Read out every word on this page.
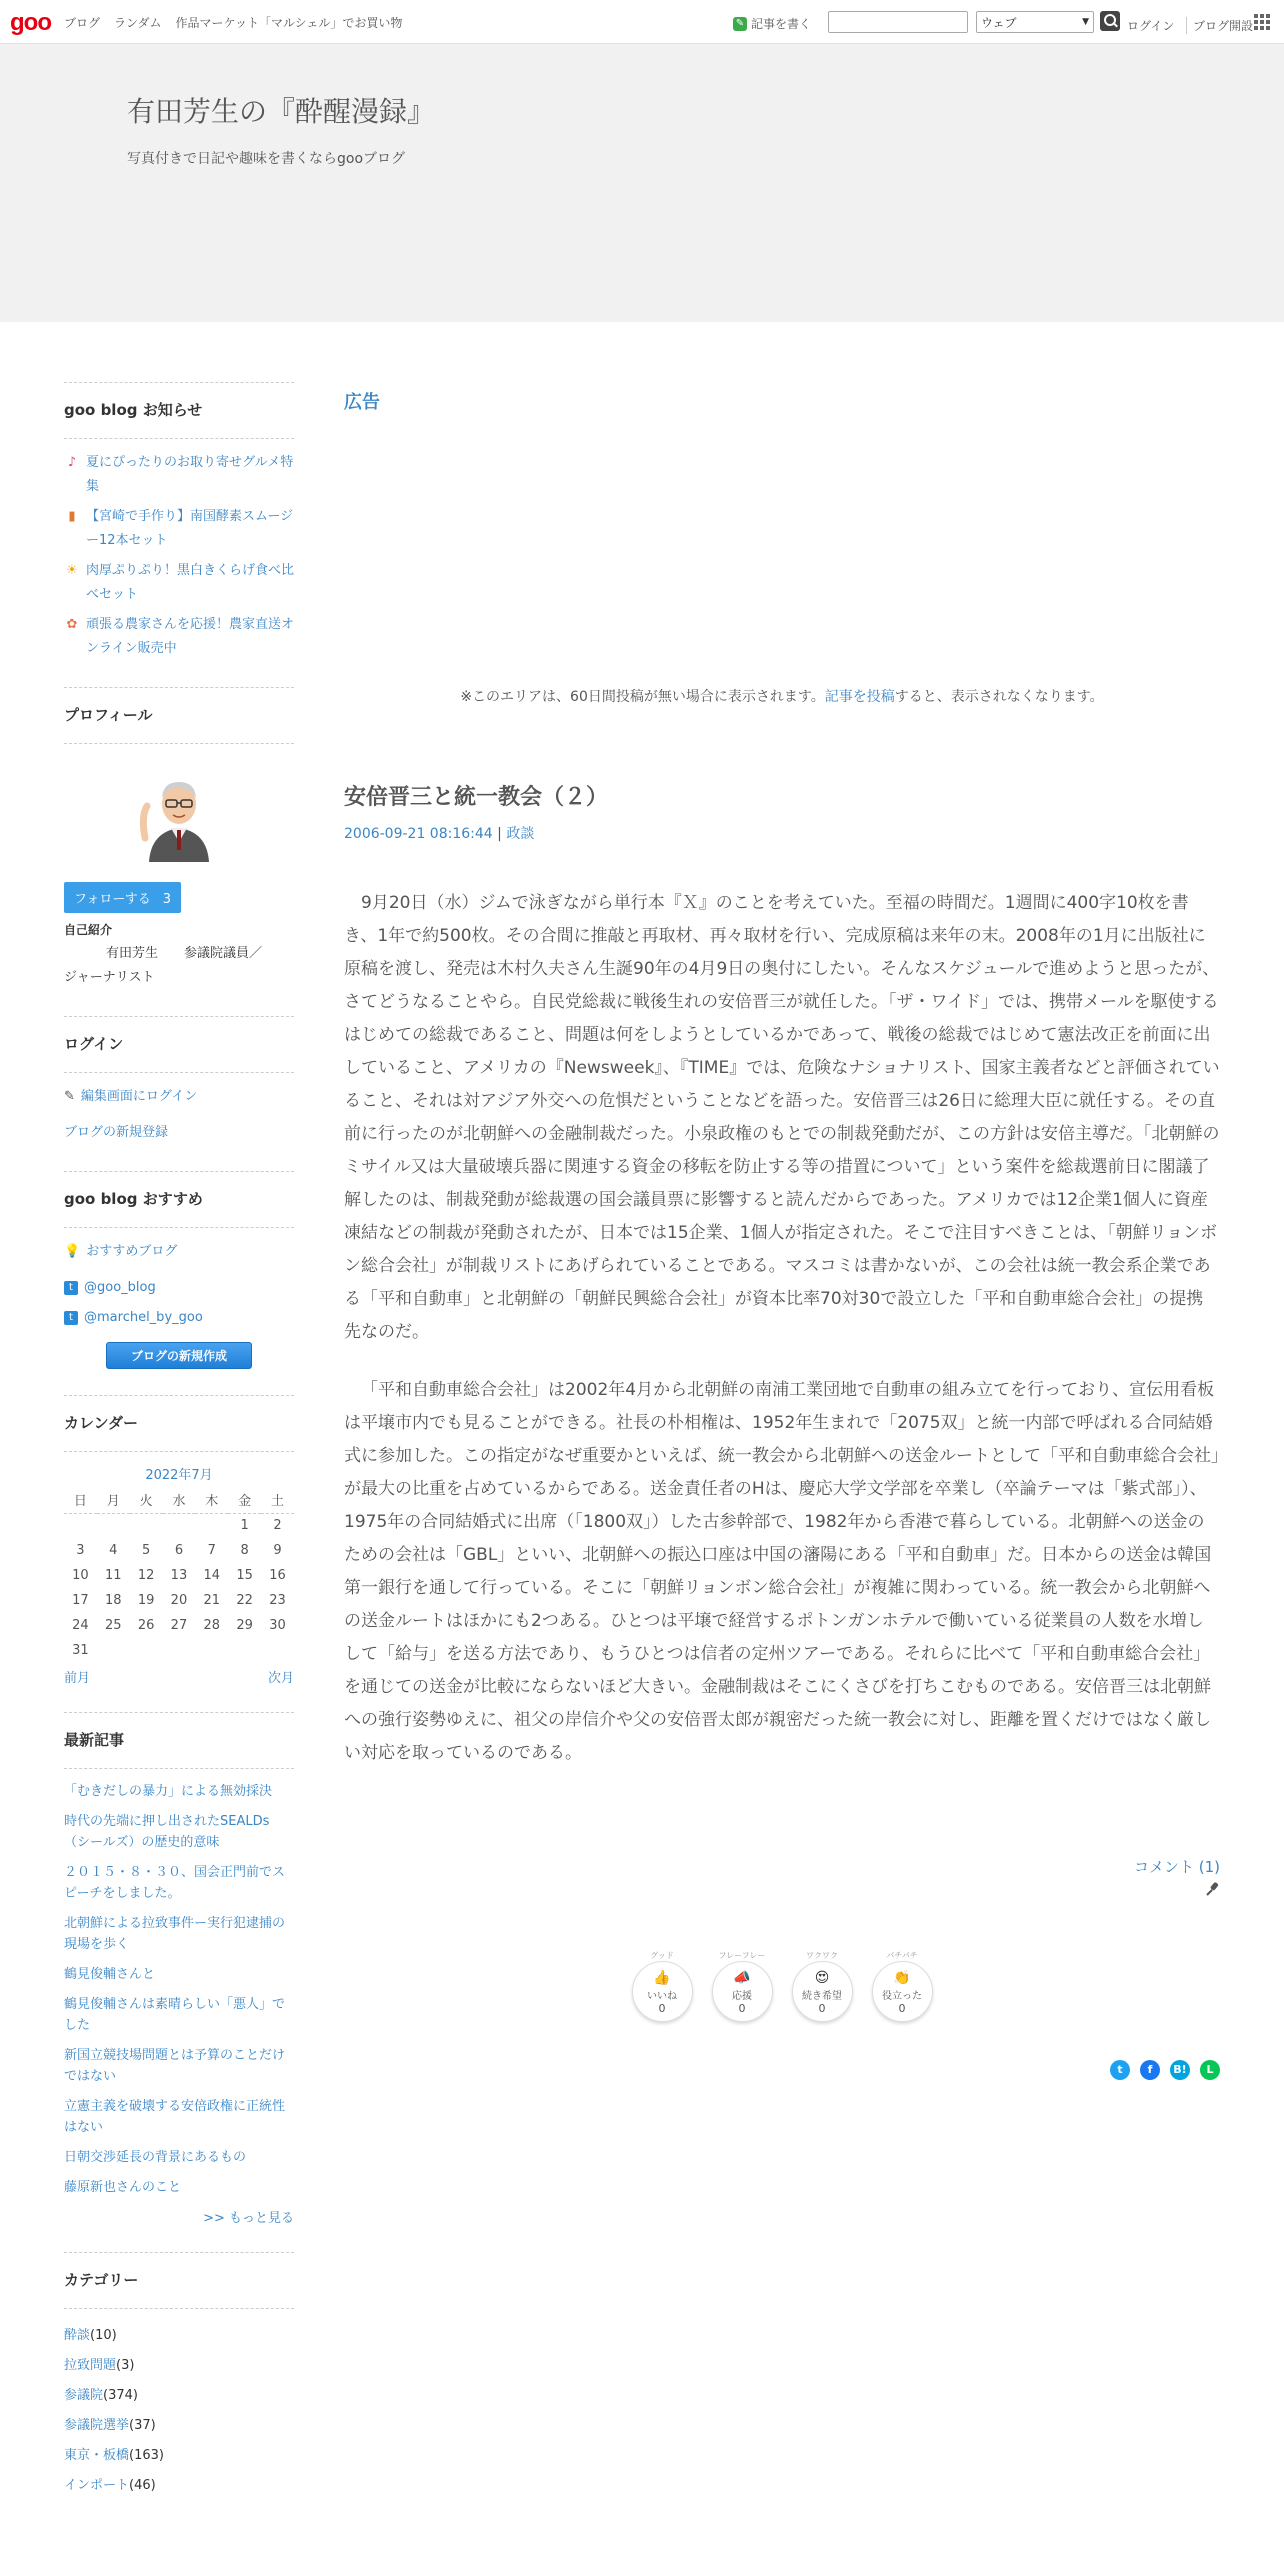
goo ブログ ランダム 作品マーケット「マルシェル」でお買い物	✎ 記事を書く	ウェブ	▼	ログイン	ブログ開設
有田芳生の『酔醒漫録』
写真付きで日記や趣味を書くならgooブログ
goo blog お知らせ
♪ 夏にぴったりのお取り寄せグルメ特集
▮ 【宮崎で手作り】南国酵素スムージー12本セット
☀ 肉厚ぷりぷり！黒白きくらげ食べ比べセット
✿ 頑張る農家さんを応援！農家直送オンライン販売中
プロフィール
フォローする 3
自己紹介
有田芳生　　参議院議員／
ジャーナリスト
ログイン
✎ 編集画面にログイン
ブログの新規登録
goo blog おすすめ
💡 おすすめブログ
t @goo_blog
t @marchel_by_goo
ブログの新規作成
カレンダー
2022年7月
日	月	火	水	木	金	土
					1	2
3	4	5	6	7	8	9
10	11	12	13	14	15	16
17	18	19	20	21	22	23
24	25	26	27	28	29	30
31						
前月	次月
最新記事
「むきだしの暴力」による無効採決
時代の先端に押し出されたSEALDs（シールズ）の歴史的意味
２０１５・８・３０、国会正門前でスピーチをしました。
北朝鮮による拉致事件ー実行犯逮捕の現場を歩く
鶴見俊輔さんと
鶴見俊輔さんは素晴らしい「悪人」でした
新国立競技場問題とは予算のことだけではない
立憲主義を破壊する安倍政権に正統性はない
日朝交渉延長の背景にあるもの
藤原新也さんのこと
>> もっと見る
カテゴリー
酔談(10)
拉致問題(3)
参議院(374)
参議院選挙(37)
東京・板橋(163)
インポート(46)
広告
※このエリアは、60日間投稿が無い場合に表示されます。記事を投稿すると、表示されなくなります。
安倍晋三と統一教会（２）
2006-09-21 08:16:44 | 政談

9月20日（水）ジムで泳ぎながら単行本『Ｘ』のことを考えていた。至福の時間だ。1週間に400字10枚を書き、1年で約500枚。その合間に推敲と再取材、再々取材を行い、完成原稿は来年の末。2008年の1月に出版社に原稿を渡し、発売は木村久夫さん生誕90年の4月9日の奥付にしたい。そんなスケジュールで進めようと思ったが、さてどうなることやら。自民党総裁に戦後生れの安倍晋三が就任した。「ザ・ワイド」では、携帯メールを駆使するはじめての総裁であること、問題は何をしようとしているかであって、戦後の総裁ではじめて憲法改正を前面に出していること、アメリカの『Newsweek』、『TIME』では、危険なナショナリスト、国家主義者などと評価されていること、それは対アジア外交への危惧だということなどを語った。安倍晋三は26日に総理大臣に就任する。その直前に行ったのが北朝鮮への金融制裁だった。小泉政権のもとでの制裁発動だが、この方針は安倍主導だ。「北朝鮮のミサイル又は大量破壊兵器に関連する資金の移転を防止する等の措置について」という案件を総裁選前日に閣議了解したのは、制裁発動が総裁選の国会議員票に影響すると読んだからであった。アメリカでは12企業1個人に資産凍結などの制裁が発動されたが、日本では15企業、1個人が指定された。そこで注目すべきことは、「朝鮮リョンボン総合会社」が制裁リストにあげられていることである。マスコミは書かないが、この会社は統一教会系企業である「平和自動車」と北朝鮮の「朝鮮民興総合会社」が資本比率70対30で設立した「平和自動車総合会社」の提携先なのだ。

「平和自動車総合会社」は2002年4月から北朝鮮の南浦工業団地で自動車の組み立てを行っており、宣伝用看板は平壌市内でも見ることができる。社長の朴相権は、1952年生まれで「2075双」と統一内部で呼ばれる合同結婚式に参加した。この指定がなぜ重要かといえば、統一教会から北朝鮮への送金ルートとして「平和自動車総合会社」が最大の比重を占めているからである。送金責任者のHは、慶応大学文学部を卒業し（卒論テーマは「紫式部」）、1975年の合同結婚式に出席（「1800双」）した古参幹部で、1982年から香港で暮らしている。北朝鮮への送金のための会社は「GBL」といい、北朝鮮への振込口座は中国の瀋陽にある「平和自動車」だ。日本からの送金は韓国第一銀行を通して行っている。そこに「朝鮮リョンボン総合会社」が複雑に関わっている。統一教会から北朝鮮への送金ルートはほかにも2つある。ひとつは平壌で経営するポトンガンホテルで働いている従業員の人数を水増しして「給与」を送る方法であり、もうひとつは信者の定州ツアーである。それらに比べて「平和自動車総合会社」を通じての送金が比較にならないほど大きい。金融制裁はそこにくさびを打ちこむものである。安倍晋三は北朝鮮への強行姿勢ゆえに、祖父の岸信介や父の安倍晋太郎が親密だった統一教会に対し、距離を置くだけではなく厳しい対応を取っているのである。

コメント (1)
グッド
👍
いいね
0
フレーフレー
📣
応援
0
ワクワク
😍
続き希望
0
パチパチ
👏
役立った
0
t	f	B!	L
